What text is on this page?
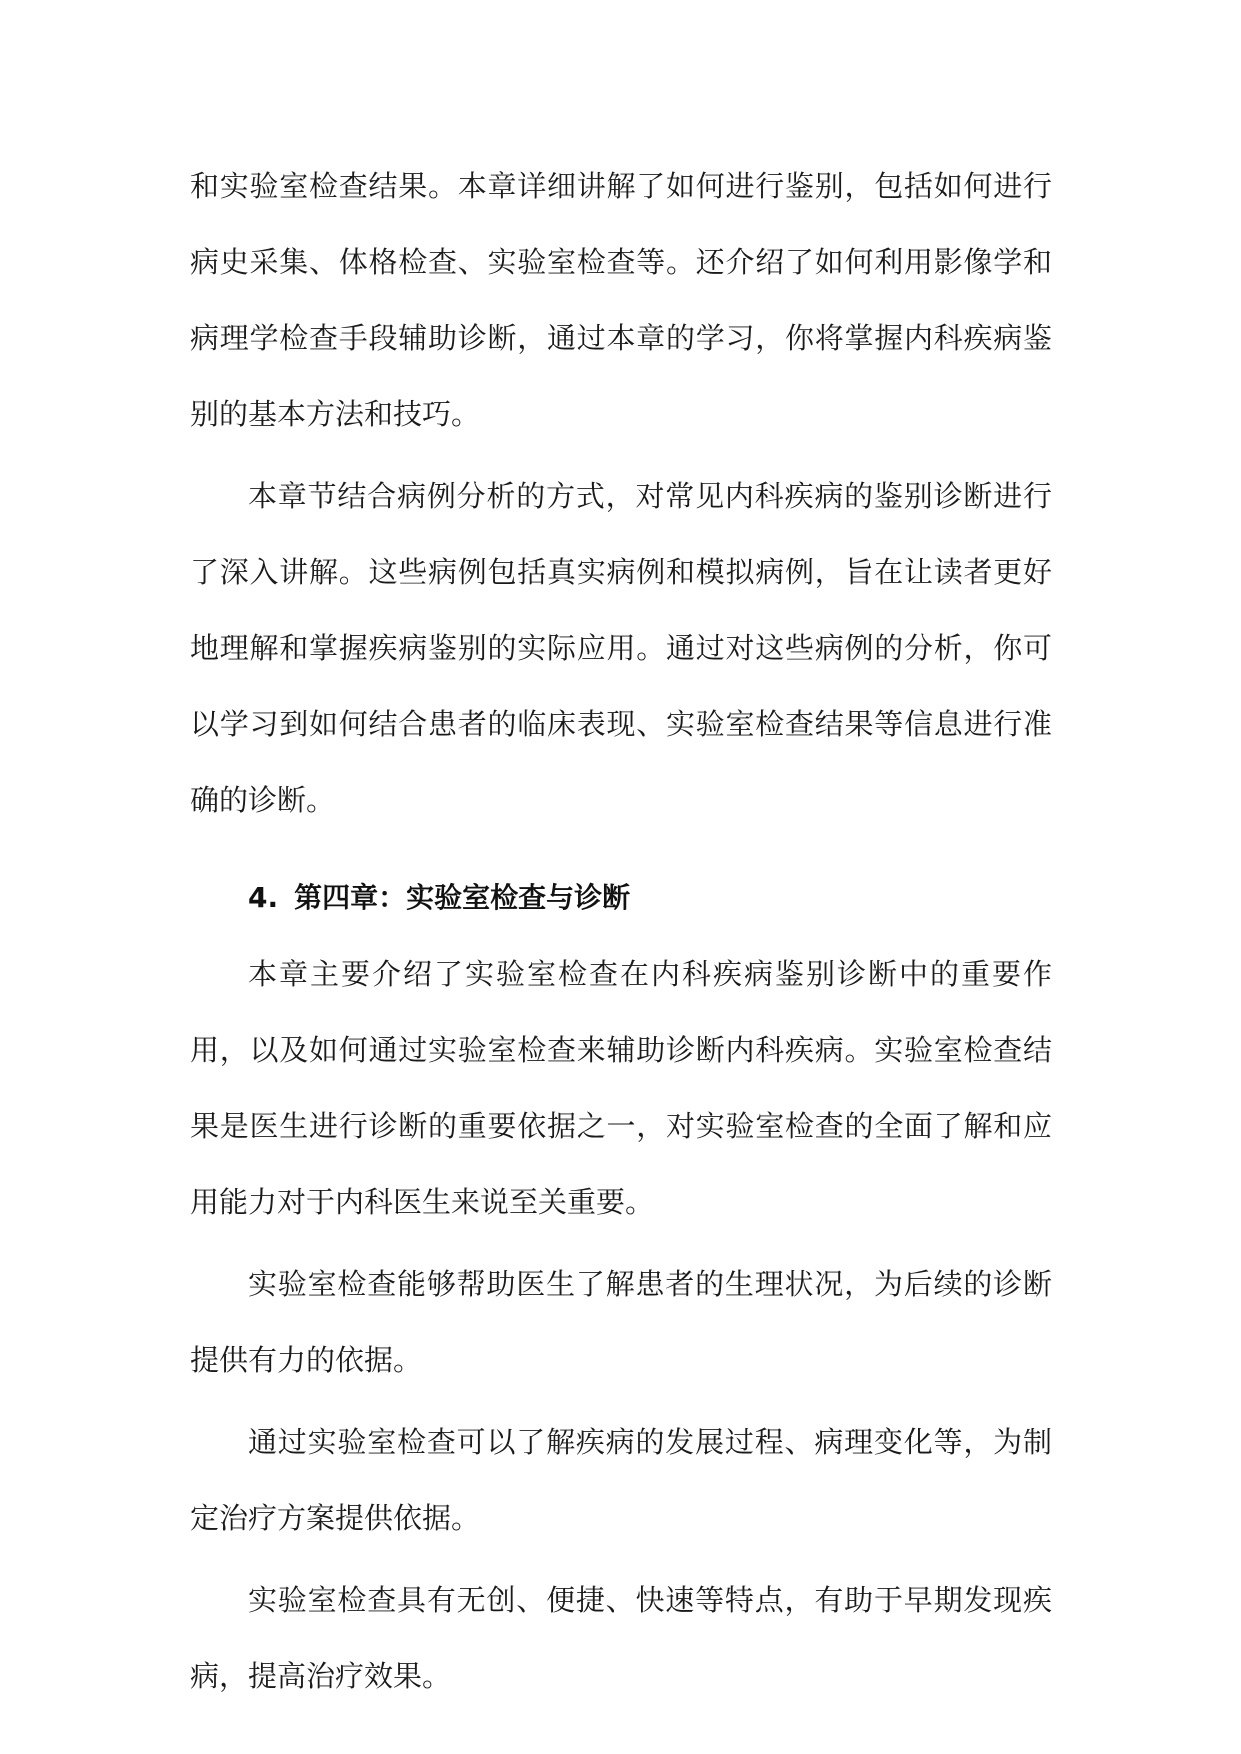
和实验室检查结果。本章详细讲解了如何进行鉴别，包括如何进行病史采集、体格检查、实验室检查等。还介绍了如何利用影像学和病理学检查手段辅助诊断，通过本章的学习，你将掌握内科疾病鉴别的基本方法和技巧。

本章节结合病例分析的方式，对常见内科疾病的鉴别诊断进行了深入讲解。这些病例包括真实病例和模拟病例，旨在让读者更好地理解和掌握疾病鉴别的实际应用。通过对这些病例的分析，你可以学习到如何结合患者的临床表现、实验室检查结果等信息进行准确的诊断。

4. 第四章：实验室检查与诊断

本章主要介绍了实验室检查在内科疾病鉴别诊断中的重要作用，以及如何通过实验室检查来辅助诊断内科疾病。实验室检查结果是医生进行诊断的重要依据之一，对实验室检查的全面了解和应用能力对于内科医生来说至关重要。

实验室检查能够帮助医生了解患者的生理状况，为后续的诊断提供有力的依据。

通过实验室检查可以了解疾病的发展过程、病理变化等，为制定治疗方案提供依据。

实验室检查具有无创、便捷、快速等特点，有助于早期发现疾病，提高治疗效果。
